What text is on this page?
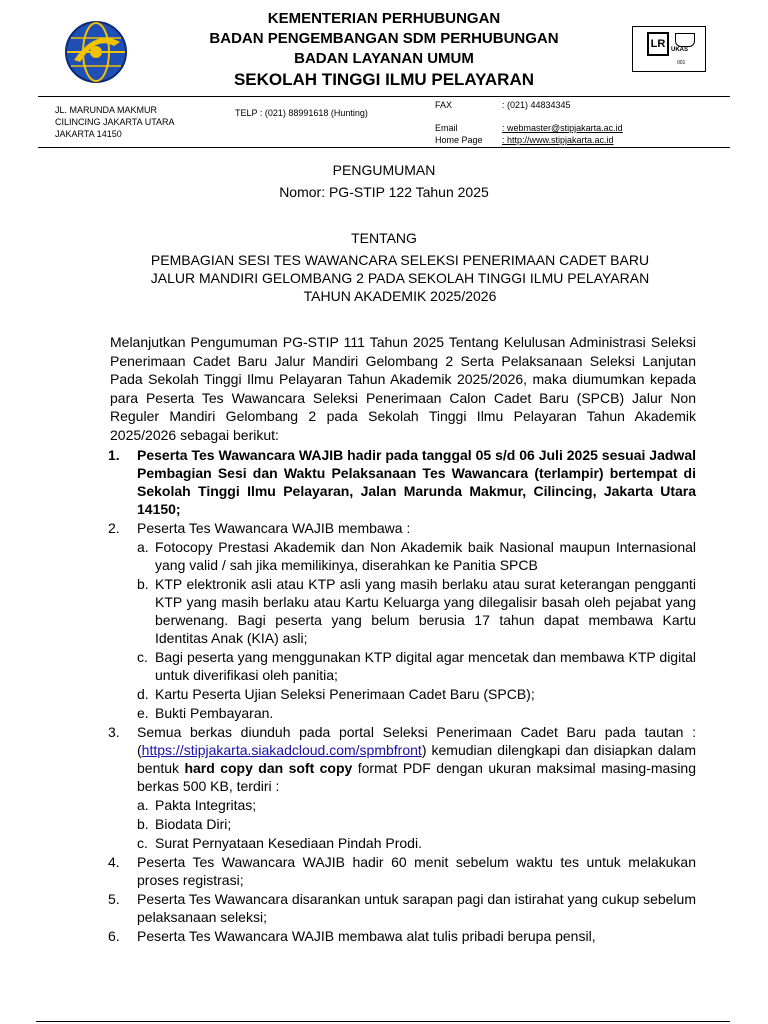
KEMENTERIAN PERHUBUNGAN
BADAN PENGEMBANGAN SDM PERHUBUNGAN
BADAN LAYANAN UMUM
SEKOLAH TINGGI ILMU PELAYARAN
LR UKAS
001
JL. MARUNDA MAKMUR
CILINCING JAKARTA UTARA
JAKARTA 14150
TELP : (021) 88991618 (Hunting)
FAX	: (021) 44834345
Email	: webmaster@stipjakarta.ac.id
Home Page : http://www.stipjakarta.ac.id
PENGUMUMAN
Nomor: PG-STIP 122 Tahun 2025
TENTANG
PEMBAGIAN SESI TES WAWANCARA SELEKSI PENERIMAAN CADET BARU
JALUR MANDIRI GELOMBANG 2 PADA SEKOLAH TINGGI ILMU PELAYARAN
TAHUN AKADEMIK 2025/2026
Melanjutkan Pengumuman PG-STIP 111 Tahun 2025 Tentang Kelulusan Administrasi Seleksi Penerimaan Cadet Baru Jalur Mandiri Gelombang 2 Serta Pelaksanaan Seleksi Lanjutan Pada Sekolah Tinggi Ilmu Pelayaran Tahun Akademik 2025/2026, maka diumumkan kepada para Peserta Tes Wawancara Seleksi Penerimaan Calon Cadet Baru (SPCB) Jalur Non Reguler Mandiri Gelombang 2 pada Sekolah Tinggi Ilmu Pelayaran Tahun Akademik 2025/2026 sebagai berikut:
1.	Peserta Tes Wawancara WAJIB hadir pada tanggal 05 s/d 06 Juli 2025 sesuai Jadwal Pembagian Sesi dan Waktu Pelaksanaan Tes Wawancara (terlampir) bertempat di Sekolah Tinggi Ilmu Pelayaran, Jalan Marunda Makmur, Cilincing, Jakarta Utara 14150;
2.	Peserta Tes Wawancara WAJIB membawa :
a. Fotocopy Prestasi Akademik dan Non Akademik baik Nasional maupun Internasional yang valid / sah jika memilikinya, diserahkan ke Panitia SPCB
b. KTP elektronik asli atau KTP asli yang masih berlaku atau surat keterangan pengganti KTP yang masih berlaku atau Kartu Keluarga yang dilegalisir basah oleh pejabat yang berwenang. Bagi peserta yang belum berusia 17 tahun dapat membawa Kartu Identitas Anak (KIA) asli;
c. Bagi peserta yang menggunakan KTP digital agar mencetak dan membawa KTP digital untuk diverifikasi oleh panitia;
d. Kartu Peserta Ujian Seleksi Penerimaan Cadet Baru (SPCB);
e. Bukti Pembayaran.
3.	Semua berkas diunduh pada portal Seleksi Penerimaan Cadet Baru pada tautan : (https://stipjakarta.siakadcloud.com/spmbfront) kemudian dilengkapi dan disiapkan dalam bentuk hard copy dan soft copy format PDF dengan ukuran maksimal masing-masing berkas 500 KB, terdiri :
a. Pakta Integritas;
b. Biodata Diri;
c. Surat Pernyataan Kesediaan Pindah Prodi.
4.	Peserta Tes Wawancara WAJIB hadir 60 menit sebelum waktu tes untuk melakukan proses registrasi;
5.	Peserta Tes Wawancara disarankan untuk sarapan pagi dan istirahat yang cukup sebelum pelaksanaan seleksi;
6.	Peserta Tes Wawancara WAJIB membawa alat tulis pribadi berupa pensil,
